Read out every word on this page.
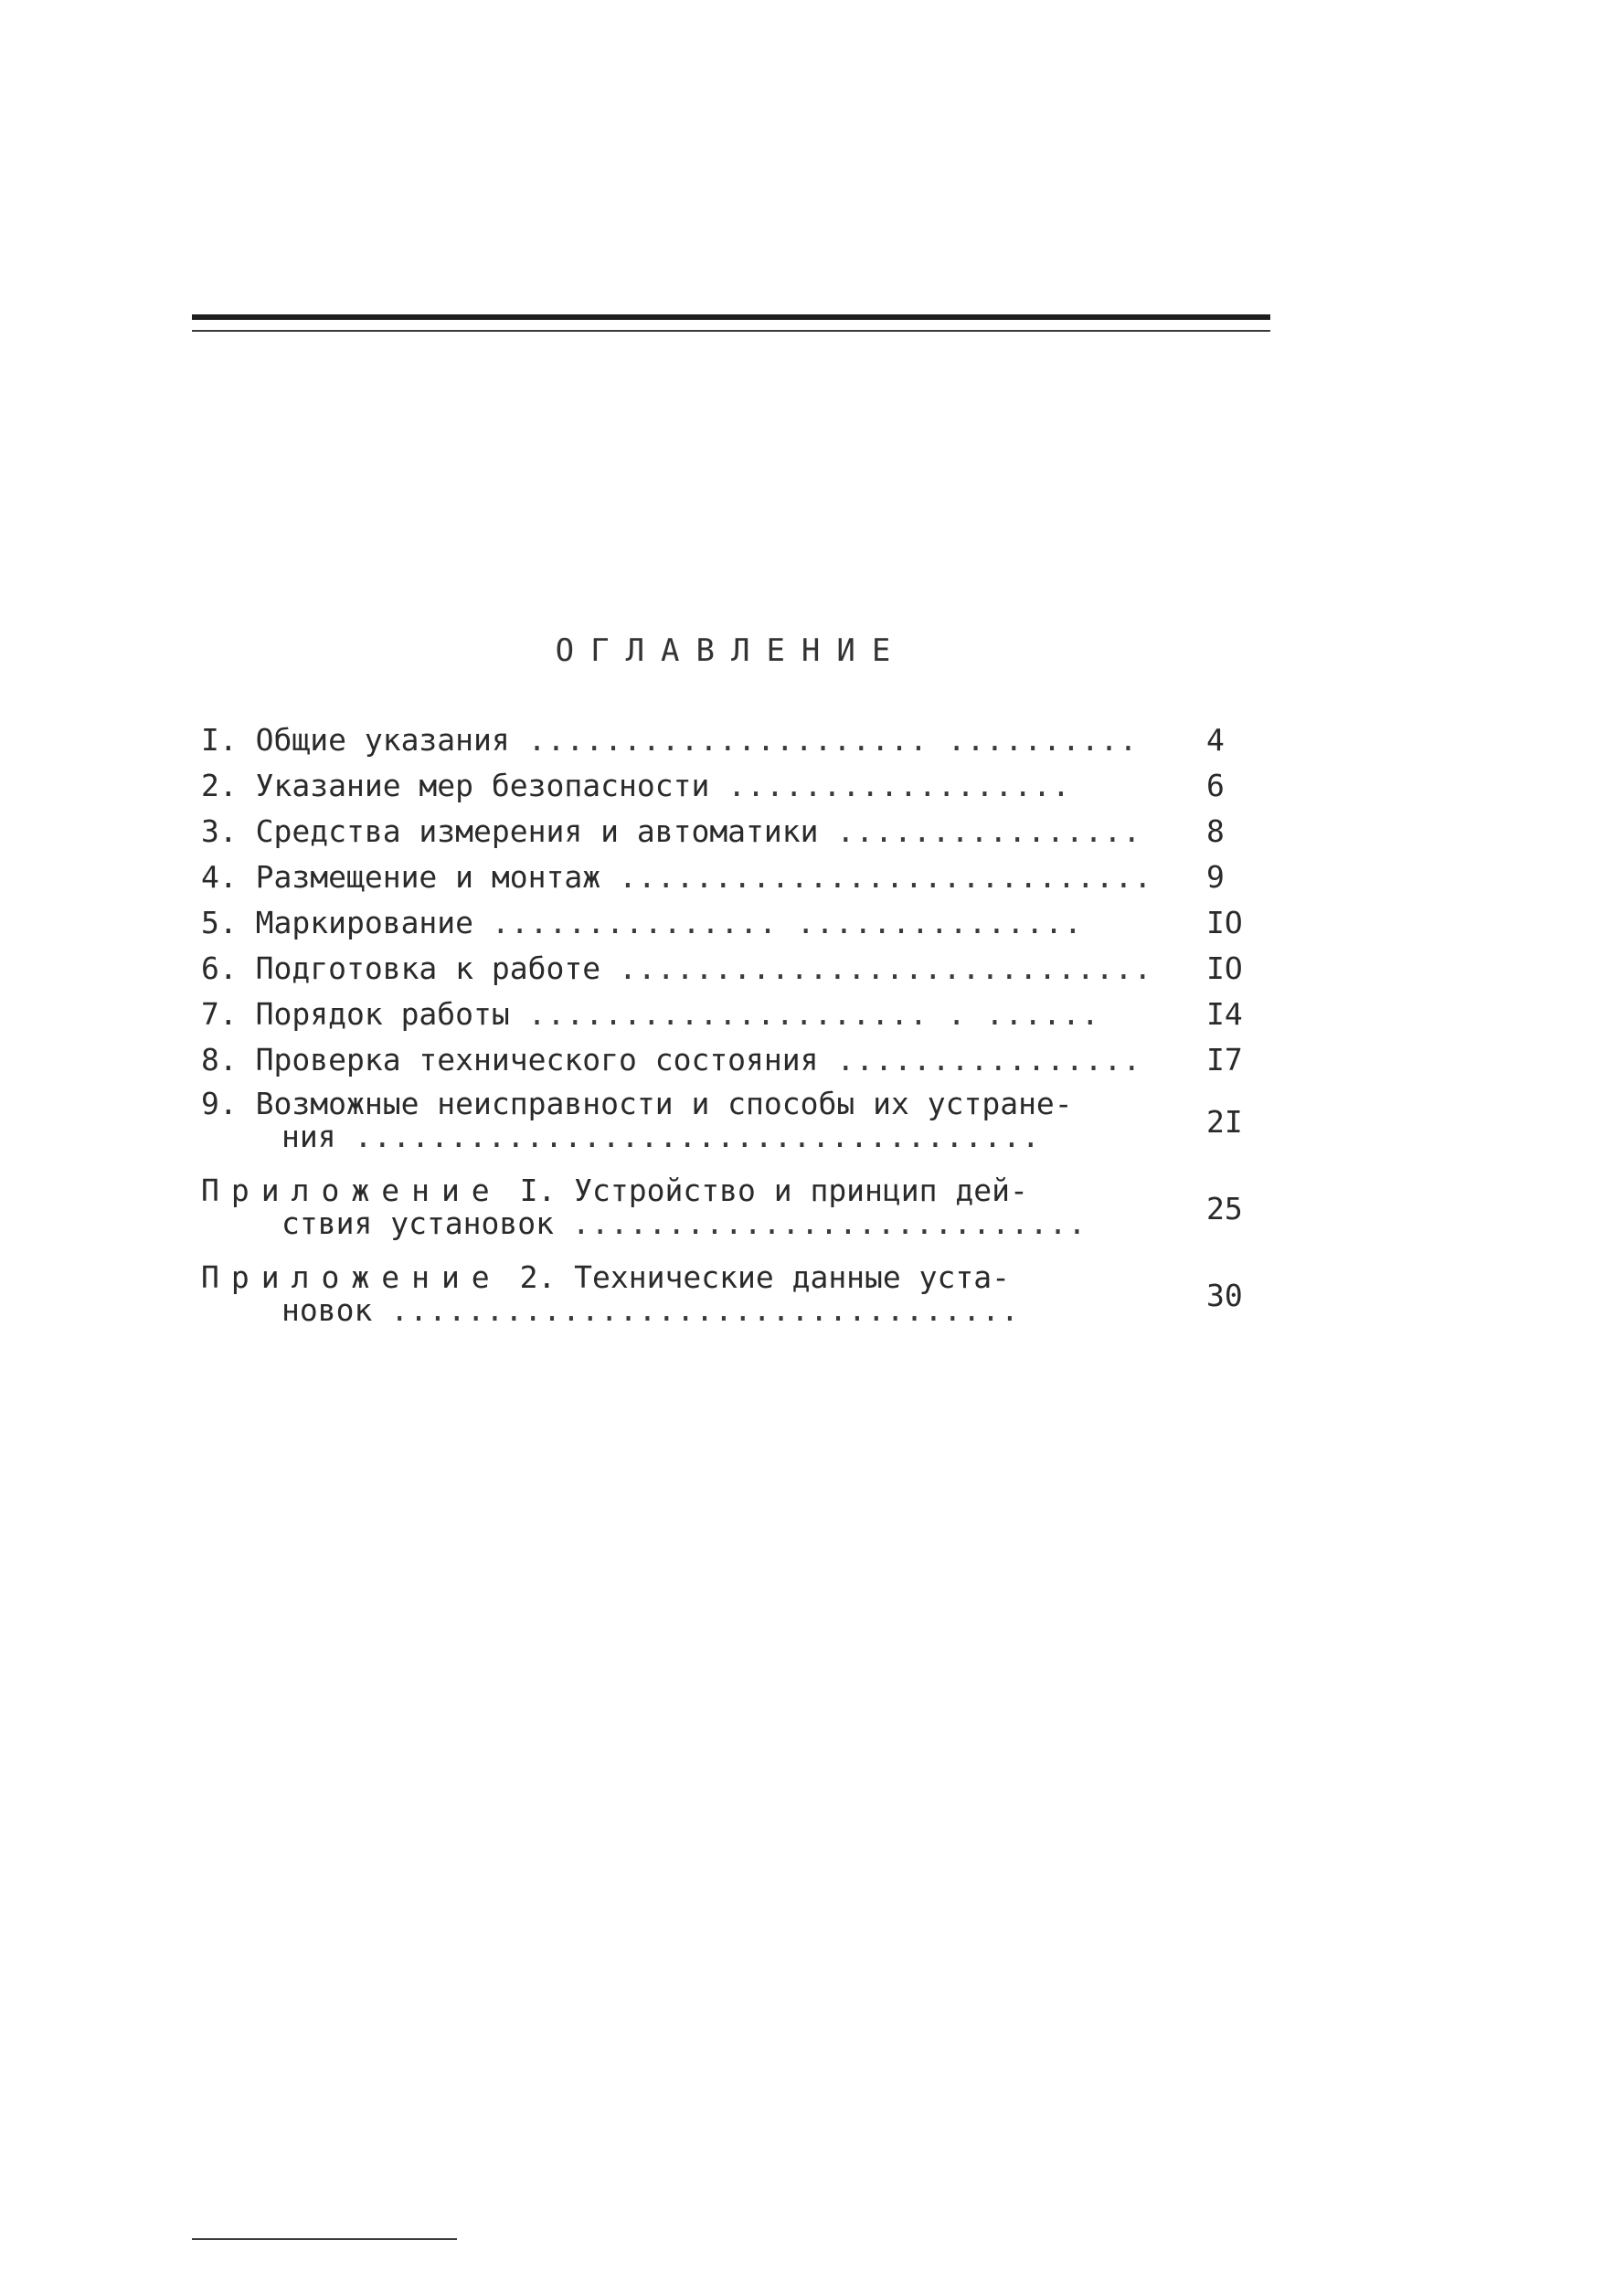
ОГЛАВЛЕНИЕ
I. Общие указания ..................... .......... 4
2. Указание мер безопасности ..................	6
3. Средства измерения и автоматики ................ 8
4. Размещение и монтаж ............................ 9
5. Маркирование ............... ...............	IO
6. Подготовка к работе ............................ IO
7. Порядок работы ..................... . ......	I4
8. Проверка технического состояния ................ I7
9. Возможные неисправности и способы их устране-
ния ....................................	2I
Приложение I. Устройство и принцип дей-
ствия установок ...........................	25
Приложение 2. Технические данные уста-
новок .................................	30
